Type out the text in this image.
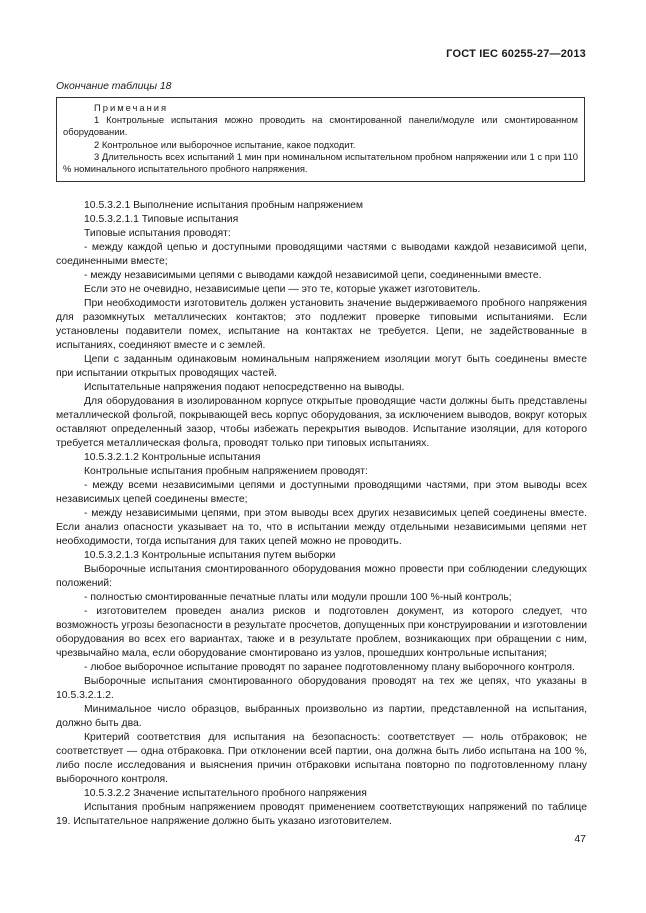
ГОСТ IEC 60255-27—2013
Окончание таблицы 18

Примечания

1 Контрольные испытания можно проводить на смонтированной панели/модуле или смонтированном оборудовании.

2 Контрольное или выборочное испытание, какое подходит.

3 Длительность всех испытаний 1 мин при номинальном испытательном пробном напряжении или 1 с при 110 % номинального испытательного пробного напряжения.

10.5.3.2.1 Выполнение испытания пробным напряжением

10.5.3.2.1.1 Типовые испытания

Типовые испытания проводят:

- между каждой цепью и доступными проводящими частями с выводами каждой независимой цепи, соединенными вместе;

- между независимыми цепями с выводами каждой независимой цепи, соединенными вместе.

Если это не очевидно, независимые цепи — это те, которые укажет изготовитель.

При необходимости изготовитель должен установить значение выдерживаемого пробного напряжения для разомкнутых металлических контактов; это подлежит проверке типовыми испытаниями. Если установлены подавители помех, испытание на контактах не требуется. Цепи, не задействованные в испытаниях, соединяют вместе и с землей.

Цепи с заданным одинаковым номинальным напряжением изоляции могут быть соединены вместе при испытании открытых проводящих частей.

Испытательные напряжения подают непосредственно на выводы.

Для оборудования в изолированном корпусе открытые проводящие части должны быть представлены металлической фольгой, покрывающей весь корпус оборудования, за исключением выводов, вокруг которых оставляют определенный зазор, чтобы избежать перекрытия выводов. Испытание изоляции, для которого требуется металлическая фольга, проводят только при типовых испытаниях.

10.5.3.2.1.2 Контрольные испытания

Контрольные испытания пробным напряжением проводят:

- между всеми независимыми цепями и доступными проводящими частями, при этом выводы всех независимых цепей соединены вместе;

- между независимыми цепями, при этом выводы всех других независимых цепей соединены вместе. Если анализ опасности указывает на то, что в испытании между отдельными независимыми цепями нет необходимости, тогда испытания для таких цепей можно не проводить.

10.5.3.2.1.3 Контрольные испытания путем выборки

Выборочные испытания смонтированного оборудования можно провести при соблюдении следующих положений:

- полностью смонтированные печатные платы или модули прошли 100 %-ный контроль;

- изготовителем проведен анализ рисков и подготовлен документ, из которого следует, что возможность угрозы безопасности в результате просчетов, допущенных при конструировании и изготовлении оборудования во всех его вариантах, также и в результате проблем, возникающих при обращении с ним, чрезвычайно мала, если оборудование смонтировано из узлов, прошедших контрольные испытания;

- любое выборочное испытание проводят по заранее подготовленному плану выборочного контроля.

Выборочные испытания смонтированного оборудования проводят на тех же цепях, что указаны в 10.5.3.2.1.2.

Минимальное число образцов, выбранных произвольно из партии, представленной на испытания, должно быть два.

Критерий соответствия для испытания на безопасность: соответствует — ноль отбраковок; не соответствует — одна отбраковка. При отклонении всей партии, она должна быть либо испытана на 100 %, либо после исследования и выяснения причин отбраковки испытана повторно по подготовленному плану выборочного контроля.

10.5.3.2.2 Значение испытательного пробного напряжения

Испытания пробным напряжением проводят применением соответствующих напряжений по таблице 19. Испытательное напряжение должно быть указано изготовителем.

47
